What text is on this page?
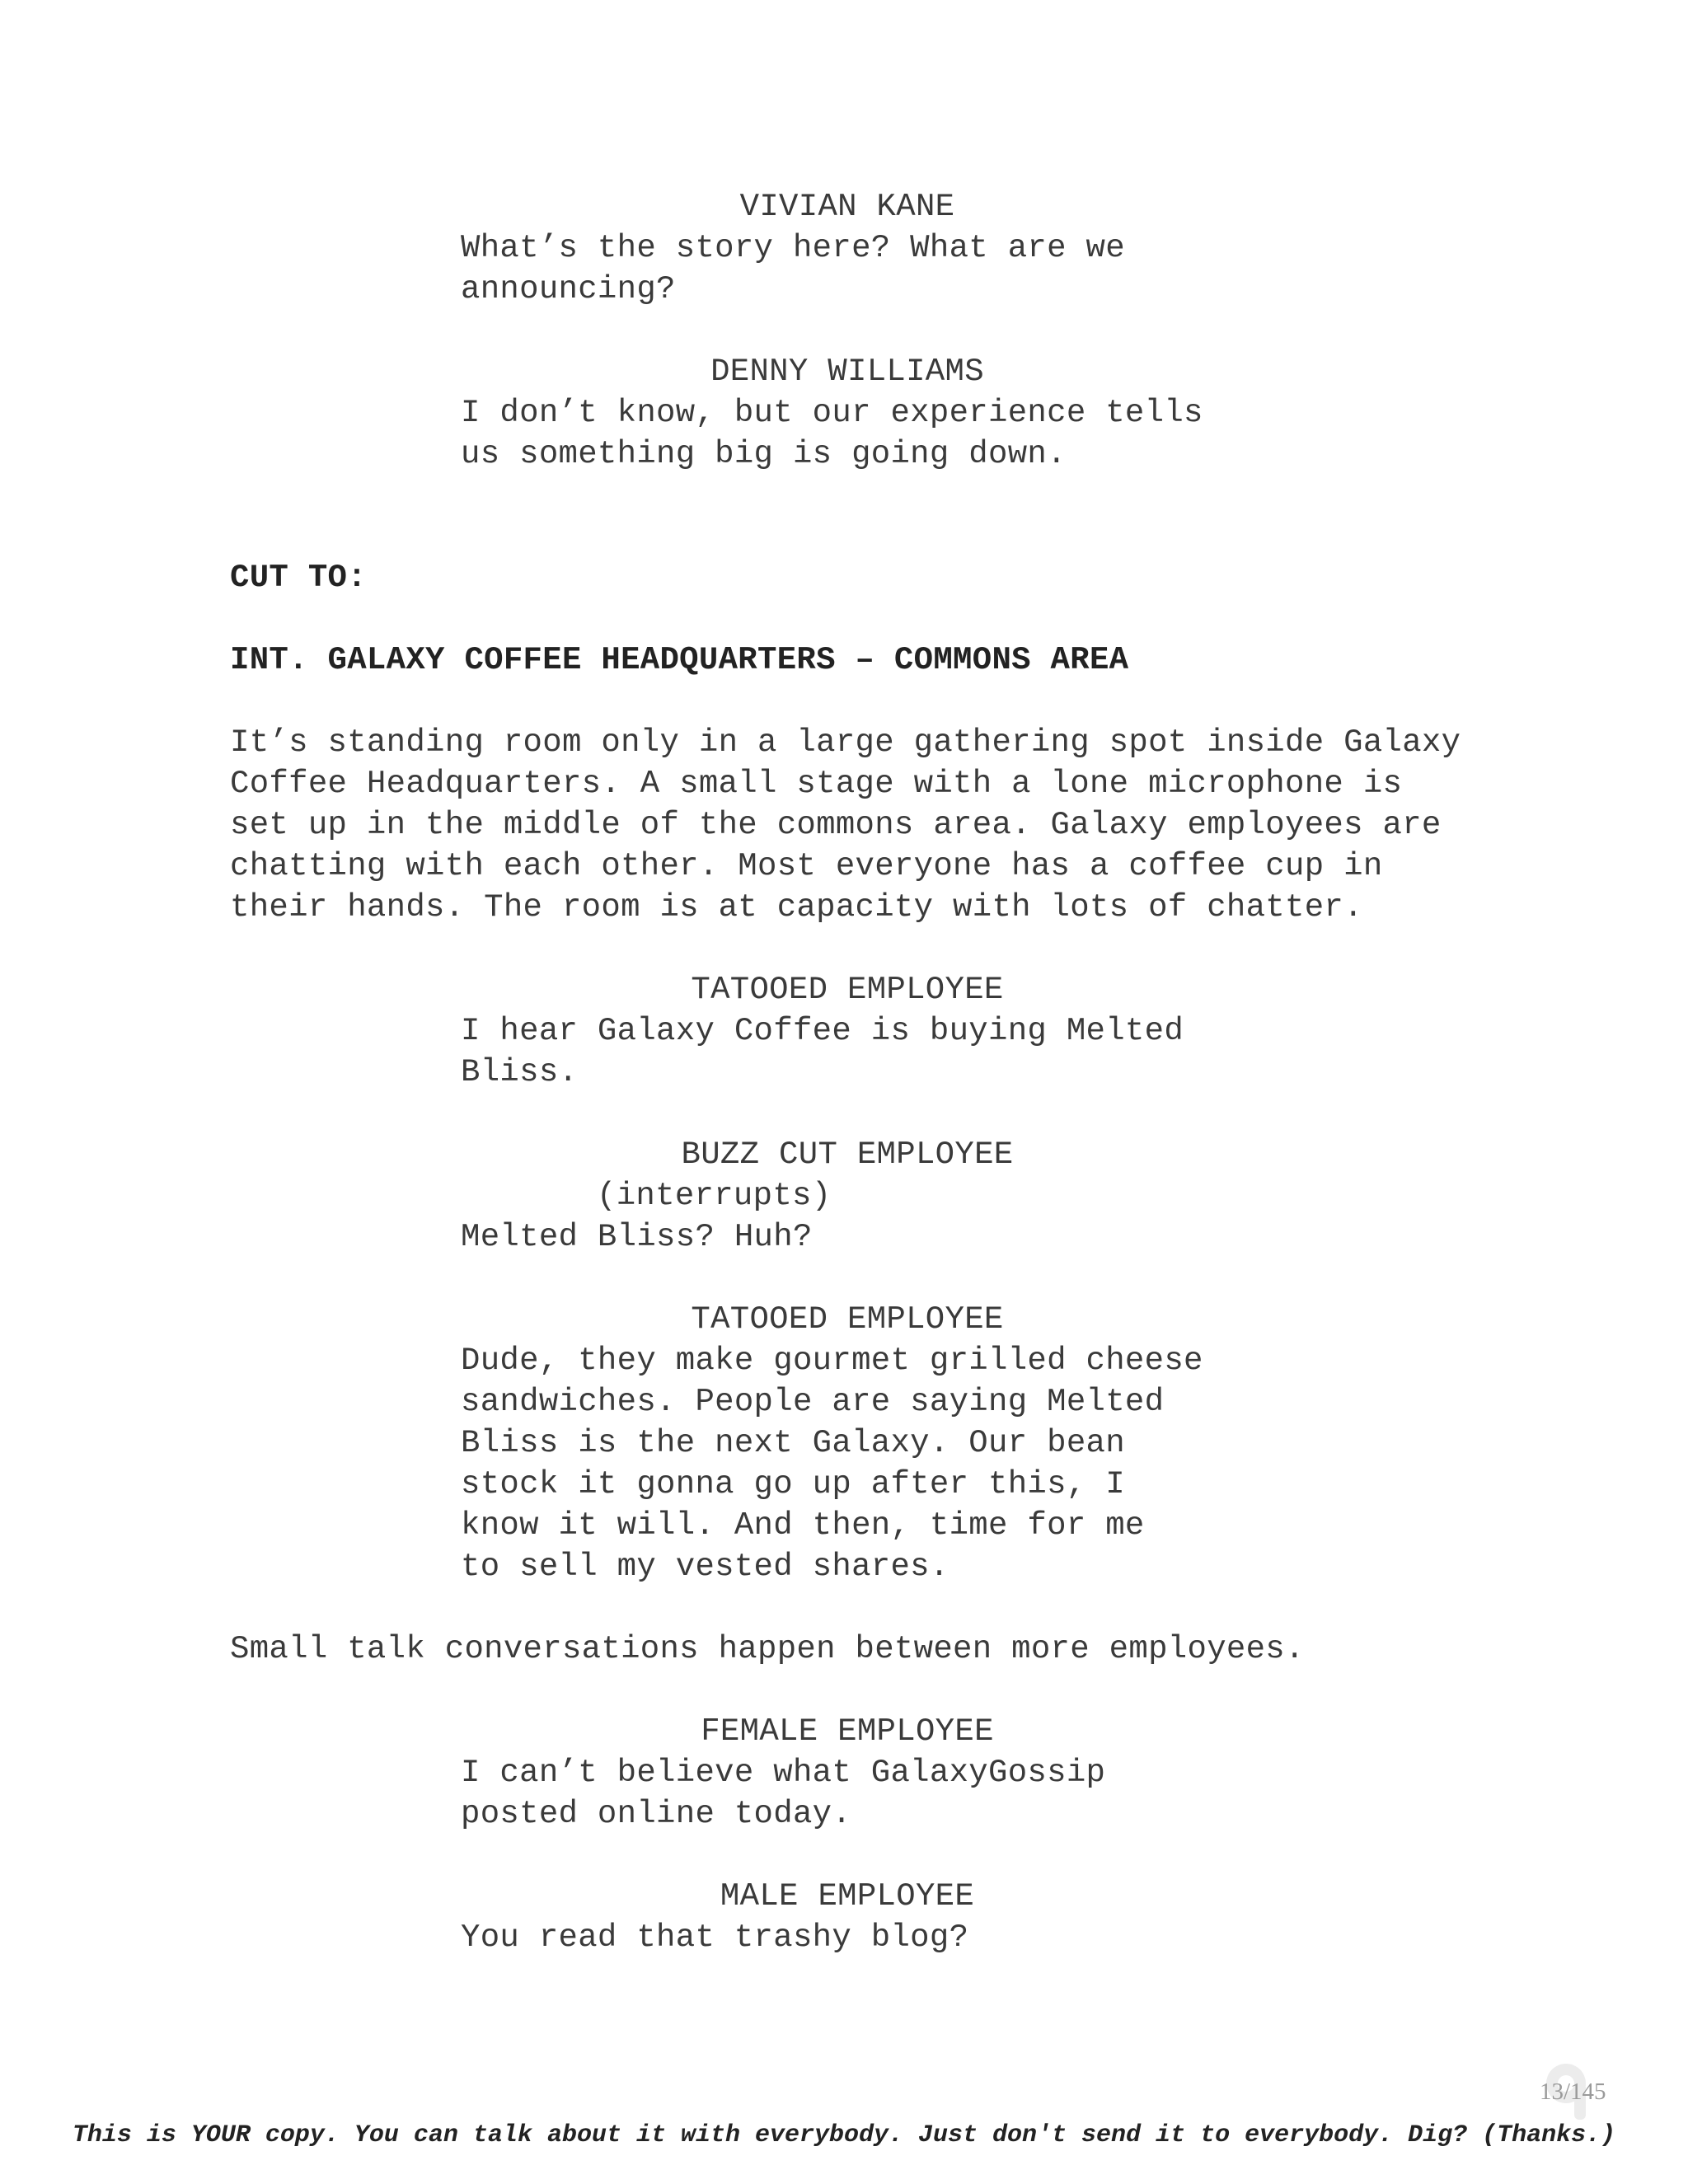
VIVIAN KANE
What’s the story here? What are we
announcing?
DENNY WILLIAMS
I don’t know, but our experience tells
us something big is going down.
CUT TO:
INT. GALAXY COFFEE HEADQUARTERS – COMMONS AREA
It’s standing room only in a large gathering spot inside Galaxy
Coffee Headquarters. A small stage with a lone microphone is
set up in the middle of the commons area. Galaxy employees are
chatting with each other. Most everyone has a coffee cup in
their hands. The room is at capacity with lots of chatter.
TATOOED EMPLOYEE
I hear Galaxy Coffee is buying Melted
Bliss.
BUZZ CUT EMPLOYEE
(interrupts)
Melted Bliss? Huh?
TATOOED EMPLOYEE
Dude, they make gourmet grilled cheese
sandwiches. People are saying Melted
Bliss is the next Galaxy. Our bean
stock it gonna go up after this, I
know it will. And then, time for me
to sell my vested shares.
Small talk conversations happen between more employees.
FEMALE EMPLOYEE
I can’t believe what GalaxyGossip
posted online today.
MALE EMPLOYEE
You read that trashy blog?
13/145
This is YOUR copy. You can talk about it with everybody. Just don't send it to everybody. Dig? (Thanks.)
